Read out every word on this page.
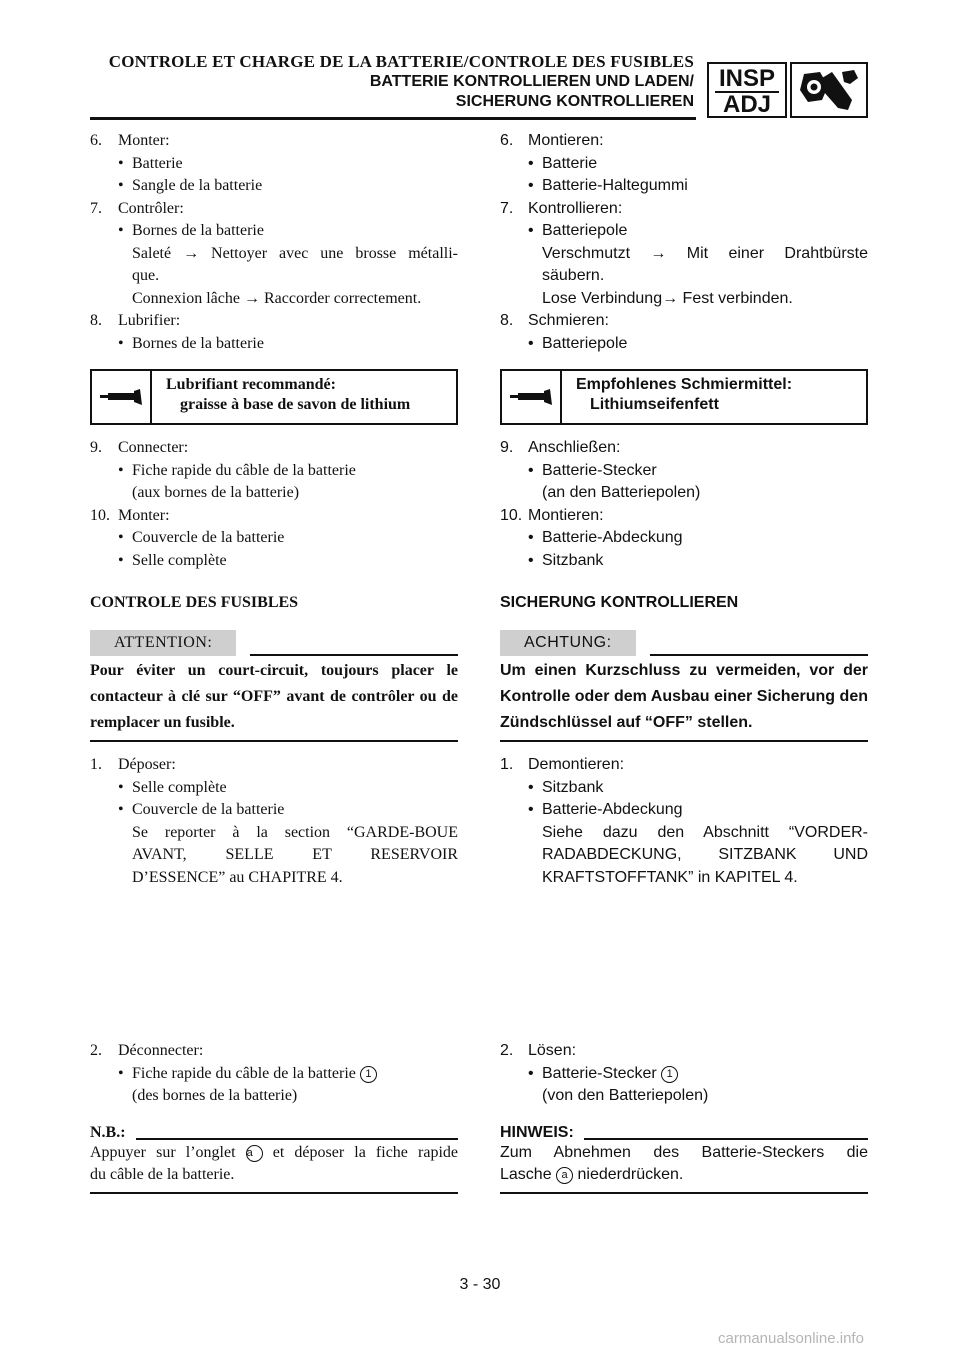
CONTROLE ET CHARGE DE LA BATTERIE/CONTROLE DES FUSIBLES
BATTERIE KONTROLLIEREN UND LADEN/
SICHERUNG KONTROLLIEREN
INSP
ADJ
6. Monter:
• Batterie
• Sangle de la batterie
7. Contrôler:
• Bornes de la batterie
Saleté → Nettoyer avec une brosse métalli-
que.
Connexion lâche → Raccorder correctement.
8. Lubrifier:
• Bornes de la batterie
Lubrifiant recommandé:
graisse à base de savon de lithium
9. Connecter:
• Fiche rapide du câble de la batterie
(aux bornes de la batterie)
10. Monter:
• Couvercle de la batterie
• Selle complète
CONTROLE DES FUSIBLES
ATTENTION:
Pour éviter un court-circuit, toujours placer le contacteur à clé sur “OFF” avant de contrôler ou de remplacer un fusible.
1. Déposer:
• Selle complète
• Couvercle de la batterie
Se reporter à la section “GARDE-BOUE
AVANT, SELLE ET RESERVOIR
D’ESSENCE” au CHAPITRE 4.
2. Déconnecter:
• Fiche rapide du câble de la batterie 1
(des bornes de la batterie)
N.B.:
Appuyer sur l’onglet a et déposer la fiche rapide
du câble de la batterie.
6. Montieren:
• Batterie
• Batterie-Haltegummi
7. Kontrollieren:
• Batteriepole
Verschmutzt → Mit einer Drahtbürste
säubern.
Lose Verbindung→ Fest verbinden.
8. Schmieren:
• Batteriepole
Empfohlenes Schmiermittel:
Lithiumseifenfett
9. Anschließen:
• Batterie-Stecker
(an den Batteriepolen)
10. Montieren:
• Batterie-Abdeckung
• Sitzbank
SICHERUNG KONTROLLIEREN
ACHTUNG:
Um einen Kurzschluss zu vermeiden, vor der Kontrolle oder dem Ausbau einer Sicherung den Zündschlüssel auf “OFF” stellen.
1. Demontieren:
• Sitzbank
• Batterie-Abdeckung
Siehe dazu den Abschnitt “VORDER-
RADABDECKUNG, SITZBANK UND
KRAFTSTOFFTANK” in KAPITEL 4.
2. Lösen:
• Batterie-Stecker 1
(von den Batteriepolen)
HINWEIS:
Zum Abnehmen des Batterie-Steckers die
Lasche a niederdrücken.
3 - 30
carmanualsonline.info
